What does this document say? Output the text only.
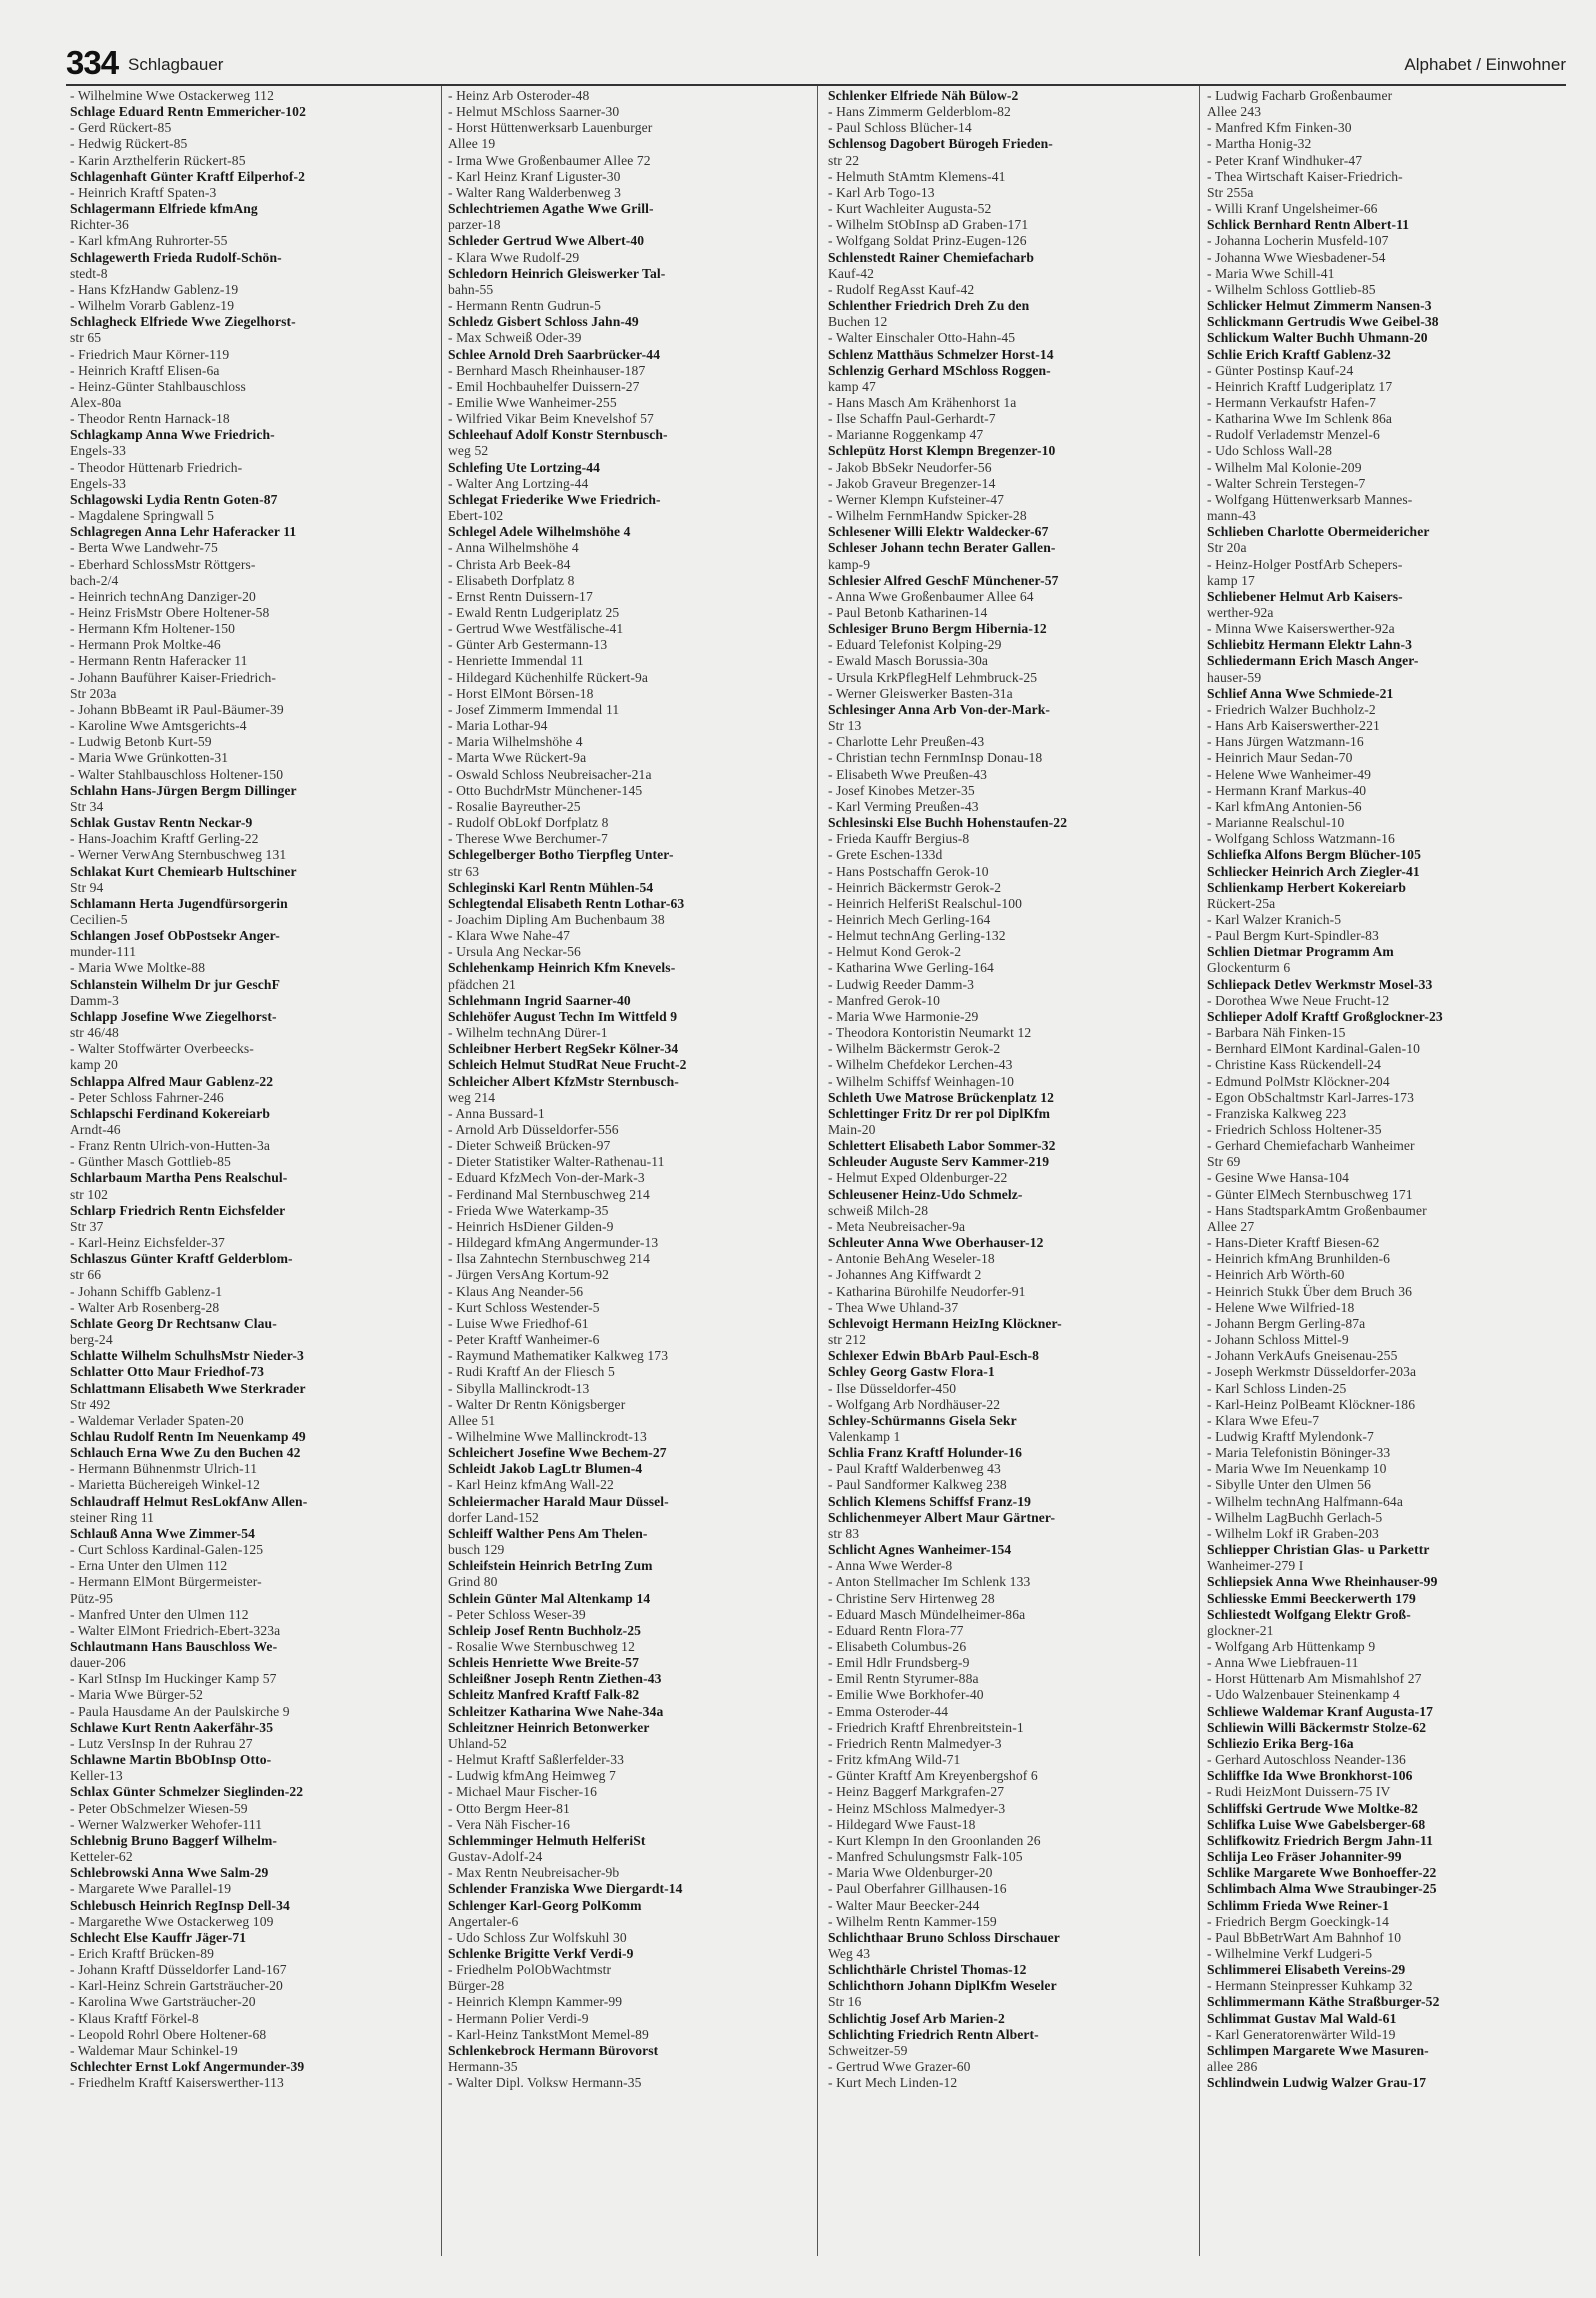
334 Schlagbauer	Alphabet / Einwohner
- Wilhelmine Wwe Ostackerweg 112
Schlage Eduard Rentn Emmericher-102
- Gerd Rückert-85
- Hedwig Rückert-85
- Karin Arzthelferin Rückert-85
Schlagenhaft Günter Kraftf Eilperhof-2
- Heinrich Kraftf Spaten-3
Schlagermann Elfriede kfmAng
Richter-36
- Karl kfmAng Ruhrorter-55
Schlagewerth Frieda Rudolf-Schön-
stedt-8
- Hans KfzHandw Gablenz-19
- Wilhelm Vorarb Gablenz-19
Schlagheck Elfriede Wwe Ziegelhorst-
str 65
- Friedrich Maur Körner-119
- Heinrich Kraftf Elisen-6a
- Heinz-Günter Stahlbauschloss
Alex-80a
- Theodor Rentn Harnack-18
Schlagkamp Anna Wwe Friedrich-
Engels-33
- Theodor Hüttenarb Friedrich-
Engels-33
Schlagowski Lydia Rentn Goten-87
- Magdalene Springwall 5
Schlagregen Anna Lehr Haferacker 11
- Berta Wwe Landwehr-75
- Eberhard SchlossMstr Röttgers-
bach-2/4
- Heinrich technAng Danziger-20
- Heinz FrisMstr Obere Holtener-58
- Hermann Kfm Holtener-150
- Hermann Prok Moltke-46
- Hermann Rentn Haferacker 11
- Johann Bauführer Kaiser-Friedrich-
Str 203a
- Johann BbBeamt iR Paul-Bäumer-39
- Karoline Wwe Amtsgerichts-4
- Ludwig Betonb Kurt-59
- Maria Wwe Grünkotten-31
- Walter Stahlbauschloss Holtener-150
Schlahn Hans-Jürgen Bergm Dillinger
Str 34
Schlak Gustav Rentn Neckar-9
- Hans-Joachim Kraftf Gerling-22
- Werner VerwAng Sternbuschweg 131
Schlakat Kurt Chemiearb Hultschiner
Str 94
Schlamann Herta Jugendfürsorgerin
Cecilien-5
Schlangen Josef ObPostsekr Anger-
munder-111
- Maria Wwe Moltke-88
Schlanstein Wilhelm Dr jur GeschF
Damm-3
Schlapp Josefine Wwe Ziegelhorst-
str 46/48
- Walter Stoffwärter Overbeecks-
kamp 20
Schlappa Alfred Maur Gablenz-22
- Peter Schloss Fahrner-246
Schlapschi Ferdinand Kokereiarb
Arndt-46
- Franz Rentn Ulrich-von-Hutten-3a
- Günther Masch Gottlieb-85
Schlarbaum Martha Pens Realschul-
str 102
Schlarp Friedrich Rentn Eichsfelder
Str 37
- Karl-Heinz Eichsfelder-37
Schlaszus Günter Kraftf Gelderblom-
str 66
- Johann Schiffb Gablenz-1
- Walter Arb Rosenberg-28
Schlate Georg Dr Rechtsanw Clau-
berg-24
Schlatte Wilhelm SchulhsMstr Nieder-3
Schlatter Otto Maur Friedhof-73
Schlattmann Elisabeth Wwe Sterkrader
Str 492
- Waldemar Verlader Spaten-20
Schlau Rudolf Rentn Im Neuenkamp 49
Schlauch Erna Wwe Zu den Buchen 42
- Hermann Bühnenmstr Ulrich-11
- Marietta Büchereigeh Winkel-12
Schlaudraff Helmut ResLokfAnw Allen-
steiner Ring 11
Schlauß Anna Wwe Zimmer-54
- Curt Schloss Kardinal-Galen-125
- Erna Unter den Ulmen 112
- Hermann ElMont Bürgermeister-
Pütz-95
- Manfred Unter den Ulmen 112
- Walter ElMont Friedrich-Ebert-323a
Schlautmann Hans Bauschloss We-
dauer-206
- Karl StInsp Im Huckinger Kamp 57
- Maria Wwe Bürger-52
- Paula Hausdame An der Paulskirche 9
Schlawe Kurt Rentn Aakerfähr-35
- Lutz VersInsp In der Ruhrau 27
Schlawne Martin BbObInsp Otto-
Keller-13
Schlax Günter Schmelzer Sieglinden-22
- Peter ObSchmelzer Wiesen-59
- Werner Walzwerker Wehofer-111
Schlebnig Bruno Baggerf Wilhelm-
Ketteler-62
Schlebrowski Anna Wwe Salm-29
- Margarete Wwe Parallel-19
Schlebusch Heinrich RegInsp Dell-34
- Margarethe Wwe Ostackerweg 109
Schlecht Else Kauffr Jäger-71
- Erich Kraftf Brücken-89
- Johann Kraftf Düsseldorfer Land-167
- Karl-Heinz Schrein Gartsträucher-20
- Karolina Wwe Gartsträucher-20
- Klaus Kraftf Förkel-8
- Leopold Rohrl Obere Holtener-68
- Waldemar Maur Schinkel-19
Schlechter Ernst Lokf Angermunder-39
- Friedhelm Kraftf Kaiserswerther-113
- Heinz Arb Osteroder-48
- Helmut MSchloss Saarner-30
- Horst Hüttenwerksarb Lauenburger
Allee 19
- Irma Wwe Großenbaumer Allee 72
- Karl Heinz Kranf Liguster-30
- Walter Rang Walderbenweg 3
Schlechtriemen Agathe Wwe Grill-
parzer-18
Schleder Gertrud Wwe Albert-40
- Klara Wwe Rudolf-29
Schledorn Heinrich Gleiswerker Tal-
bahn-55
- Hermann Rentn Gudrun-5
Schledz Gisbert Schloss Jahn-49
- Max Schweiß Oder-39
Schlee Arnold Dreh Saarbrücker-44
- Bernhard Masch Rheinhauser-187
- Emil Hochbauhelfer Duissern-27
- Emilie Wwe Wanheimer-255
- Wilfried Vikar Beim Knevelshof 57
Schleehauf Adolf Konstr Sternbusch-
weg 52
Schlefing Ute Lortzing-44
- Walter Ang Lortzing-44
Schlegat Friederike Wwe Friedrich-
Ebert-102
Schlegel Adele Wilhelmshöhe 4
- Anna Wilhelmshöhe 4
- Christa Arb Beek-84
- Elisabeth Dorfplatz 8
- Ernst Rentn Duissern-17
- Ewald Rentn Ludgeriplatz 25
- Gertrud Wwe Westfälische-41
- Günter Arb Gestermann-13
- Henriette Immendal 11
- Hildegard Küchenhilfe Rückert-9a
- Horst ElMont Börsen-18
- Josef Zimmerm Immendal 11
- Maria Lothar-94
- Maria Wilhelmshöhe 4
- Marta Wwe Rückert-9a
- Oswald Schloss Neubreisacher-21a
- Otto BuchdrMstr Münchener-145
- Rosalie Bayreuther-25
- Rudolf ObLokf Dorfplatz 8
- Therese Wwe Berchumer-7
Schlegelberger Botho Tierpfleg Unter-
str 63
Schleginski Karl Rentn Mühlen-54
Schlegtendal Elisabeth Rentn Lothar-63
- Joachim Dipling Am Buchenbaum 38
- Klara Wwe Nahe-47
- Ursula Ang Neckar-56
Schlehenkamp Heinrich Kfm Knevels-
pfädchen 21
Schlehmann Ingrid Saarner-40
Schlehöfer August Techn Im Wittfeld 9
- Wilhelm technAng Dürer-1
Schleibner Herbert RegSekr Kölner-34
Schleich Helmut StudRat Neue Frucht-2
Schleicher Albert KfzMstr Sternbusch-
weg 214
- Anna Bussard-1
- Arnold Arb Düsseldorfer-556
- Dieter Schweiß Brücken-97
- Dieter Statistiker Walter-Rathenau-11
- Eduard KfzMech Von-der-Mark-3
- Ferdinand Mal Sternbuschweg 214
- Frieda Wwe Waterkamp-35
- Heinrich HsDiener Gilden-9
- Hildegard kfmAng Angermunder-13
- Ilsa Zahntechn Sternbuschweg 214
- Jürgen VersAng Kortum-92
- Klaus Ang Neander-56
- Kurt Schloss Westender-5
- Luise Wwe Friedhof-61
- Peter Kraftf Wanheimer-6
- Raymund Mathematiker Kalkweg 173
- Rudi Kraftf An der Fliesch 5
- Sibylla Mallinckrodt-13
- Walter Dr Rentn Königsberger
Allee 51
- Wilhelmine Wwe Mallinckrodt-13
Schleichert Josefine Wwe Bechem-27
Schleidt Jakob LagLtr Blumen-4
- Karl Heinz kfmAng Wall-22
Schleiermacher Harald Maur Düssel-
dorfer Land-152
Schleiff Walther Pens Am Thelen-
busch 129
Schleifstein Heinrich BetrIng Zum
Grind 80
Schlein Günter Mal Altenkamp 14
- Peter Schloss Weser-39
Schleip Josef Rentn Buchholz-25
- Rosalie Wwe Sternbuschweg 12
Schleis Henriette Wwe Breite-57
Schleißner Joseph Rentn Ziethen-43
Schleitz Manfred Kraftf Falk-82
Schleitzer Katharina Wwe Nahe-34a
Schleitzner Heinrich Betonwerker
Uhland-52
- Helmut Kraftf Saßlerfelder-33
- Ludwig kfmAng Heimweg 7
- Michael Maur Fischer-16
- Otto Bergm Heer-81
- Vera Näh Fischer-16
Schlemminger Helmuth HelferiSt
Gustav-Adolf-24
- Max Rentn Neubreisacher-9b
Schlender Franziska Wwe Diergardt-14
Schlenger Karl-Georg PolKomm
Angertaler-6
- Udo Schloss Zur Wolfskuhl 30
Schlenke Brigitte Verkf Verdi-9
- Friedhelm PolObWachtmstr
Bürger-28
- Heinrich Klempn Kammer-99
- Hermann Polier Verdi-9
- Karl-Heinz TankstMont Memel-89
Schlenkebrock Hermann Bürovorst
Hermann-35
- Walter Dipl. Volksw Hermann-35
Schlenker Elfriede Näh Bülow-2
- Hans Zimmerm Gelderblom-82
- Paul Schloss Blücher-14
Schlensog Dagobert Bürogeh Frieden-
str 22
- Helmuth StAmtm Klemens-41
- Karl Arb Togo-13
- Kurt Wachleiter Augusta-52
- Wilhelm StObInsp aD Graben-171
- Wolfgang Soldat Prinz-Eugen-126
Schlenstedt Rainer Chemiefacharb
Kauf-42
- Rudolf RegAsst Kauf-42
Schlenther Friedrich Dreh Zu den
Buchen 12
- Walter Einschaler Otto-Hahn-45
Schlenz Matthäus Schmelzer Horst-14
Schlenzig Gerhard MSchloss Roggen-
kamp 47
- Hans Masch Am Krähenhorst 1a
- Ilse Schaffn Paul-Gerhardt-7
- Marianne Roggenkamp 47
Schlepütz Horst Klempn Bregenzer-10
- Jakob BbSekr Neudorfer-56
- Jakob Graveur Bregenzer-14
- Werner Klempn Kufsteiner-47
- Wilhelm FernmHandw Spicker-28
Schlesener Willi Elektr Waldecker-67
Schleser Johann techn Berater Gallen-
kamp-9
Schlesier Alfred GeschF Münchener-57
- Anna Wwe Großenbaumer Allee 64
- Paul Betonb Katharinen-14
Schlesiger Bruno Bergm Hibernia-12
- Eduard Telefonist Kolping-29
- Ewald Masch Borussia-30a
- Ursula KrkPflegHelf Lehmbruck-25
- Werner Gleiswerker Basten-31a
Schlesinger Anna Arb Von-der-Mark-
Str 13
- Charlotte Lehr Preußen-43
- Christian techn FernmInsp Donau-18
- Elisabeth Wwe Preußen-43
- Josef Kinobes Metzer-35
- Karl Verming Preußen-43
Schlesinski Else Buchh Hohenstaufen-22
- Frieda Kauffr Bergius-8
- Grete Eschen-133d
- Hans Postschaffn Gerok-10
- Heinrich Bäckermstr Gerok-2
- Heinrich HelferiSt Realschul-100
- Heinrich Mech Gerling-164
- Helmut technAng Gerling-132
- Helmut Kond Gerok-2
- Katharina Wwe Gerling-164
- Ludwig Reeder Damm-3
- Manfred Gerok-10
- Maria Wwe Harmonie-29
- Theodora Kontoristin Neumarkt 12
- Wilhelm Bäckermstr Gerok-2
- Wilhelm Chefdekor Lerchen-43
- Wilhelm Schiffsf Weinhagen-10
Schleth Uwe Matrose Brückenplatz 12
Schlettinger Fritz Dr rer pol DiplKfm
Main-20
Schlettert Elisabeth Labor Sommer-32
Schleuder Auguste Serv Kammer-219
- Helmut Exped Oldenburger-22
Schleusener Heinz-Udo Schmelz-
schweiß Milch-28
- Meta Neubreisacher-9a
Schleuter Anna Wwe Oberhauser-12
- Antonie BehAng Weseler-18
- Johannes Ang Kiffwardt 2
- Katharina Bürohilfe Neudorfer-91
- Thea Wwe Uhland-37
Schlevoigt Hermann HeizIng Klöckner-
str 212
Schlexer Edwin BbArb Paul-Esch-8
Schley Georg Gastw Flora-1
- Ilse Düsseldorfer-450
- Wolfgang Arb Nordhäuser-22
Schley-Schürmanns Gisela Sekr
Valenkamp 1
Schlia Franz Kraftf Holunder-16
- Paul Kraftf Walderbenweg 43
- Paul Sandformer Kalkweg 238
Schlich Klemens Schiffsf Franz-19
Schlichenmeyer Albert Maur Gärtner-
str 83
Schlicht Agnes Wanheimer-154
- Anna Wwe Werder-8
- Anton Stellmacher Im Schlenk 133
- Christine Serv Hirtenweg 28
- Eduard Masch Mündelheimer-86a
- Eduard Rentn Flora-77
- Elisabeth Columbus-26
- Emil Hdlr Frundsberg-9
- Emil Rentn Styrumer-88a
- Emilie Wwe Borkhofer-40
- Emma Osteroder-44
- Friedrich Kraftf Ehrenbreitstein-1
- Friedrich Rentn Malmedyer-3
- Fritz kfmAng Wild-71
- Günter Kraftf Am Kreyenbergshof 6
- Heinz Baggerf Markgrafen-27
- Heinz MSchloss Malmedyer-3
- Hildegard Wwe Faust-18
- Kurt Klempn In den Groonlanden 26
- Manfred Schulungsmstr Falk-105
- Maria Wwe Oldenburger-20
- Paul Oberfahrer Gillhausen-16
- Walter Maur Beecker-244
- Wilhelm Rentn Kammer-159
Schlichthaar Bruno Schloss Dirschauer
Weg 43
Schlichthärle Christel Thomas-12
Schlichthorn Johann DiplKfm Weseler
Str 16
Schlichtig Josef Arb Marien-2
Schlichting Friedrich Rentn Albert-
Schweitzer-59
- Gertrud Wwe Grazer-60
- Kurt Mech Linden-12
- Ludwig Facharb Großenbaumer
Allee 243
- Manfred Kfm Finken-30
- Martha Honig-32
- Peter Kranf Windhuker-47
- Thea Wirtschaft Kaiser-Friedrich-
Str 255a
- Willi Kranf Ungelsheimer-66
Schlick Bernhard Rentn Albert-11
- Johanna Locherin Musfeld-107
- Johanna Wwe Wiesbadener-54
- Maria Wwe Schill-41
- Wilhelm Schloss Gottlieb-85
Schlicker Helmut Zimmerm Nansen-3
Schlickmann Gertrudis Wwe Geibel-38
Schlickum Walter Buchh Uhmann-20
Schlie Erich Kraftf Gablenz-32
- Günter Postinsp Kauf-24
- Heinrich Kraftf Ludgeriplatz 17
- Hermann Verkaufstr Hafen-7
- Katharina Wwe Im Schlenk 86a
- Rudolf Verlademstr Menzel-6
- Udo Schloss Wall-28
- Wilhelm Mal Kolonie-209
- Walter Schrein Terstegen-7
- Wolfgang Hüttenwerksarb Mannes-
mann-43
Schlieben Charlotte Obermeidericher
Str 20a
- Heinz-Holger PostfArb Schepers-
kamp 17
Schliebener Helmut Arb Kaisers-
werther-92a
- Minna Wwe Kaiserswerther-92a
Schliebitz Hermann Elektr Lahn-3
Schliedermann Erich Masch Anger-
hauser-59
Schlief Anna Wwe Schmiede-21
- Friedrich Walzer Buchholz-2
- Hans Arb Kaiserswerther-221
- Hans Jürgen Watzmann-16
- Heinrich Maur Sedan-70
- Helene Wwe Wanheimer-49
- Hermann Kranf Markus-40
- Karl kfmAng Antonien-56
- Marianne Realschul-10
- Wolfgang Schloss Watzmann-16
Schliefka Alfons Bergm Blücher-105
Schliecker Heinrich Arch Ziegler-41
Schlienkamp Herbert Kokereiarb
Rückert-25a
- Karl Walzer Kranich-5
- Paul Bergm Kurt-Spindler-83
Schlien Dietmar Programm Am
Glockenturm 6
Schliepack Detlev Werkmstr Mosel-33
- Dorothea Wwe Neue Frucht-12
Schlieper Adolf Kraftf Großglockner-23
- Barbara Näh Finken-15
- Bernhard ElMont Kardinal-Galen-10
- Christine Kass Rückendell-24
- Edmund PolMstr Klöckner-204
- Egon ObSchaltmstr Karl-Jarres-173
- Franziska Kalkweg 223
- Friedrich Schloss Holtener-35
- Gerhard Chemiefacharb Wanheimer
Str 69
- Gesine Wwe Hansa-104
- Günter ElMech Sternbuschweg 171
- Hans StadtsparkAmtm Großenbaumer
Allee 27
- Hans-Dieter Kraftf Biesen-62
- Heinrich kfmAng Brunhilden-6
- Heinrich Arb Wörth-60
- Heinrich Stukk Über dem Bruch 36
- Helene Wwe Wilfried-18
- Johann Bergm Gerling-87a
- Johann Schloss Mittel-9
- Johann VerkAufs Gneisenau-255
- Joseph Werkmstr Düsseldorfer-203a
- Karl Schloss Linden-25
- Karl-Heinz PolBeamt Klöckner-186
- Klara Wwe Efeu-7
- Ludwig Kraftf Mylendonk-7
- Maria Telefonistin Böninger-33
- Maria Wwe Im Neuenkamp 10
- Sibylle Unter den Ulmen 56
- Wilhelm technAng Halfmann-64a
- Wilhelm LagBuchh Gerlach-5
- Wilhelm Lokf iR Graben-203
Schliepper Christian Glas- u Parkettr
Wanheimer-279 I
Schliepsiek Anna Wwe Rheinhauser-99
Schliesske Emmi Beeckerwerth 179
Schliestedt Wolfgang Elektr Groß-
glockner-21
- Wolfgang Arb Hüttenkamp 9
- Anna Wwe Liebfrauen-11
- Horst Hüttenarb Am Mismahlshof 27
- Udo Walzenbauer Steinenkamp 4
Schliewe Waldemar Kranf Augusta-17
Schliewin Willi Bäckermstr Stolze-62
Schliezio Erika Berg-16a
- Gerhard Autoschloss Neander-136
Schliffke Ida Wwe Bronkhorst-106
- Rudi HeizMont Duissern-75 IV
Schliffski Gertrude Wwe Moltke-82
Schlifka Luise Wwe Gabelsberger-68
Schlifkowitz Friedrich Bergm Jahn-11
Schlija Leo Fräser Johanniter-99
Schlike Margarete Wwe Bonhoeffer-22
Schlimbach Alma Wwe Straubinger-25
Schlimm Frieda Wwe Reiner-1
- Friedrich Bergm Goeckingk-14
- Paul BbBetrWart Am Bahnhof 10
- Wilhelmine Verkf Ludgeri-5
Schlimmerei Elisabeth Vereins-29
- Hermann Steinpresser Kuhkamp 32
Schlimmermann Käthe Straßburger-52
Schlimmat Gustav Mal Wald-61
- Karl Generatorenwärter Wild-19
Schlimpen Margarete Wwe Masuren-
allee 286
Schlindwein Ludwig Walzer Grau-17
